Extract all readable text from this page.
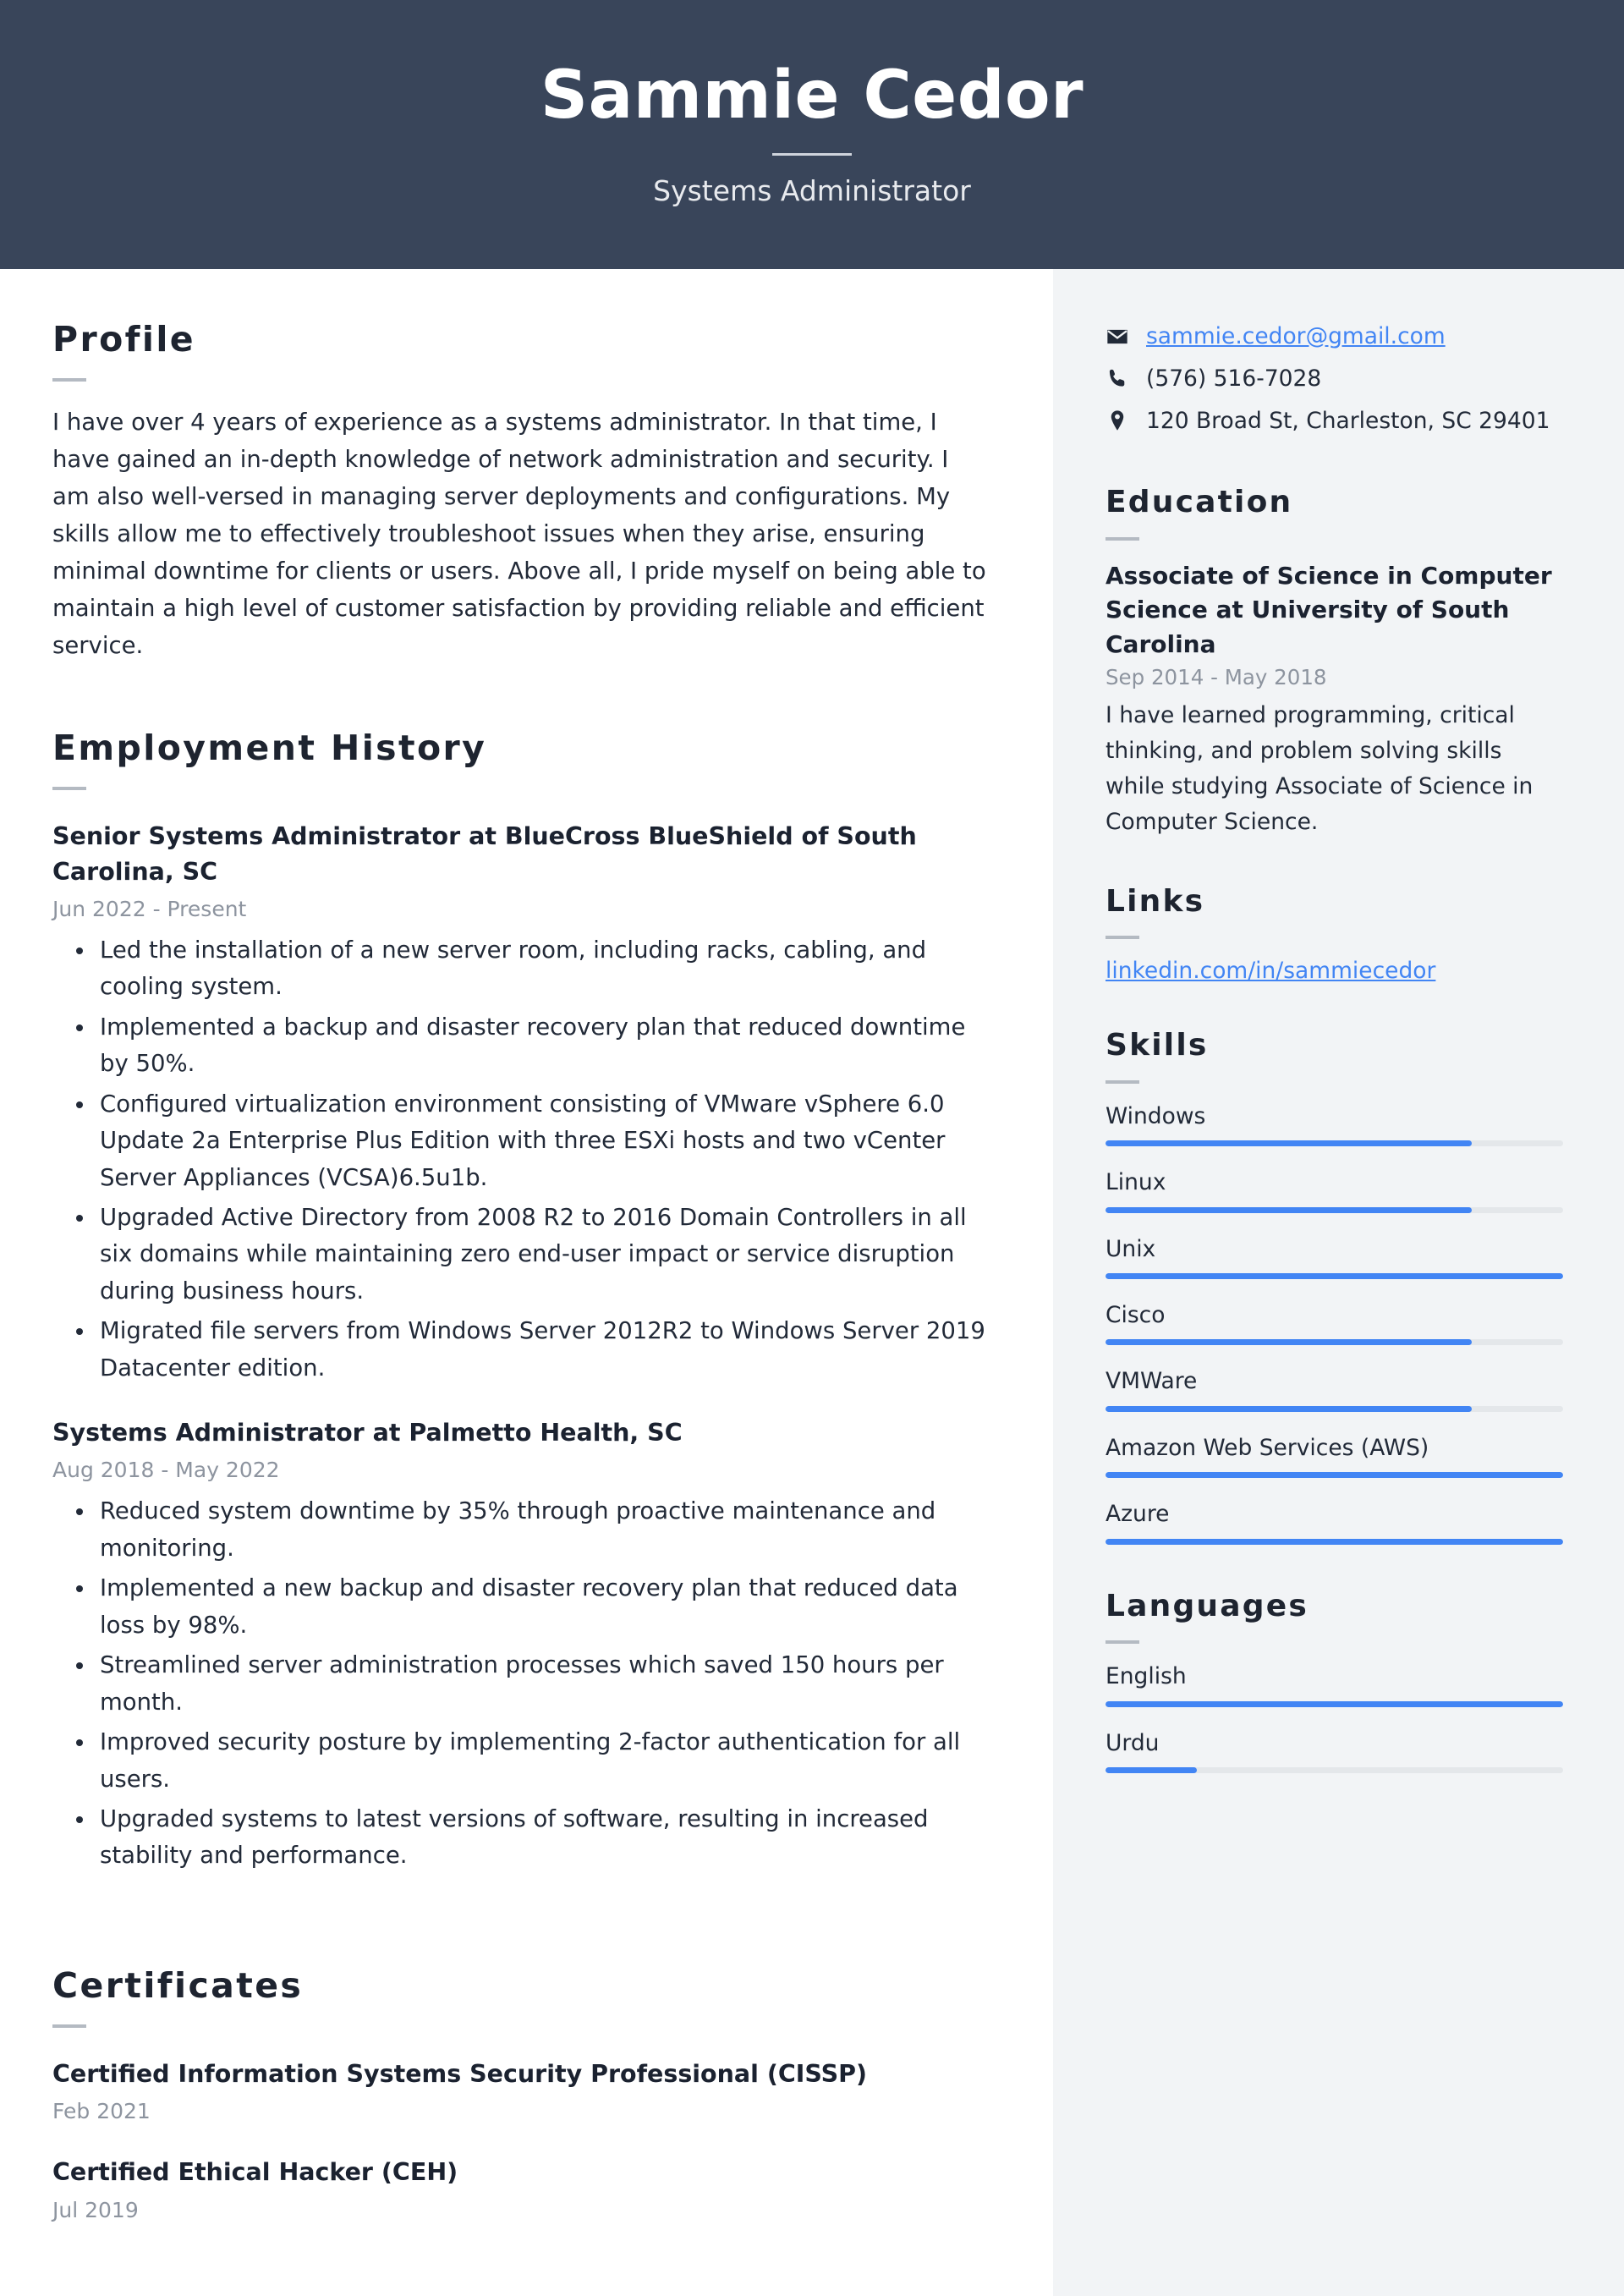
Sammie Cedor
Systems Administrator
Profile
I have over 4 years of experience as a systems administrator. In that time, I have gained an in-depth knowledge of network administration and security. I am also well-versed in managing server deployments and configurations. My skills allow me to effectively troubleshoot issues when they arise, ensuring minimal downtime for clients or users. Above all, I pride myself on being able to maintain a high level of customer satisfaction by providing reliable and efficient service.
Employment History
Senior Systems Administrator at BlueCross BlueShield of South Carolina, SC
Jun 2022 - Present
Led the installation of a new server room, including racks, cabling, and cooling system.
Implemented a backup and disaster recovery plan that reduced downtime by 50%.
Configured virtualization environment consisting of VMware vSphere 6.0 Update 2a Enterprise Plus Edition with three ESXi hosts and two vCenter Server Appliances (VCSA)6.5u1b.
Upgraded Active Directory from 2008 R2 to 2016 Domain Controllers in all six domains while maintaining zero end-user impact or service disruption during business hours.
Migrated file servers from Windows Server 2012R2 to Windows Server 2019 Datacenter edition.
Systems Administrator at Palmetto Health, SC
Aug 2018 - May 2022
Reduced system downtime by 35% through proactive maintenance and monitoring.
Implemented a new backup and disaster recovery plan that reduced data loss by 98%.
Streamlined server administration processes which saved 150 hours per month.
Improved security posture by implementing 2-factor authentication for all users.
Upgraded systems to latest versions of software, resulting in increased stability and performance.
Certificates
Certified Information Systems Security Professional (CISSP)
Feb 2021
Certified Ethical Hacker (CEH)
Jul 2019
sammie.cedor@gmail.com
(576) 516-7028
120 Broad St, Charleston, SC 29401
Education
Associate of Science in Computer Science at University of South Carolina
Sep 2014 - May 2018
I have learned programming, critical thinking, and problem solving skills while studying Associate of Science in Computer Science.
Links
linkedin.com/in/sammiecedor
Skills
Windows
Linux
Unix
Cisco
VMWare
Amazon Web Services (AWS)
Azure
Languages
English
Urdu
